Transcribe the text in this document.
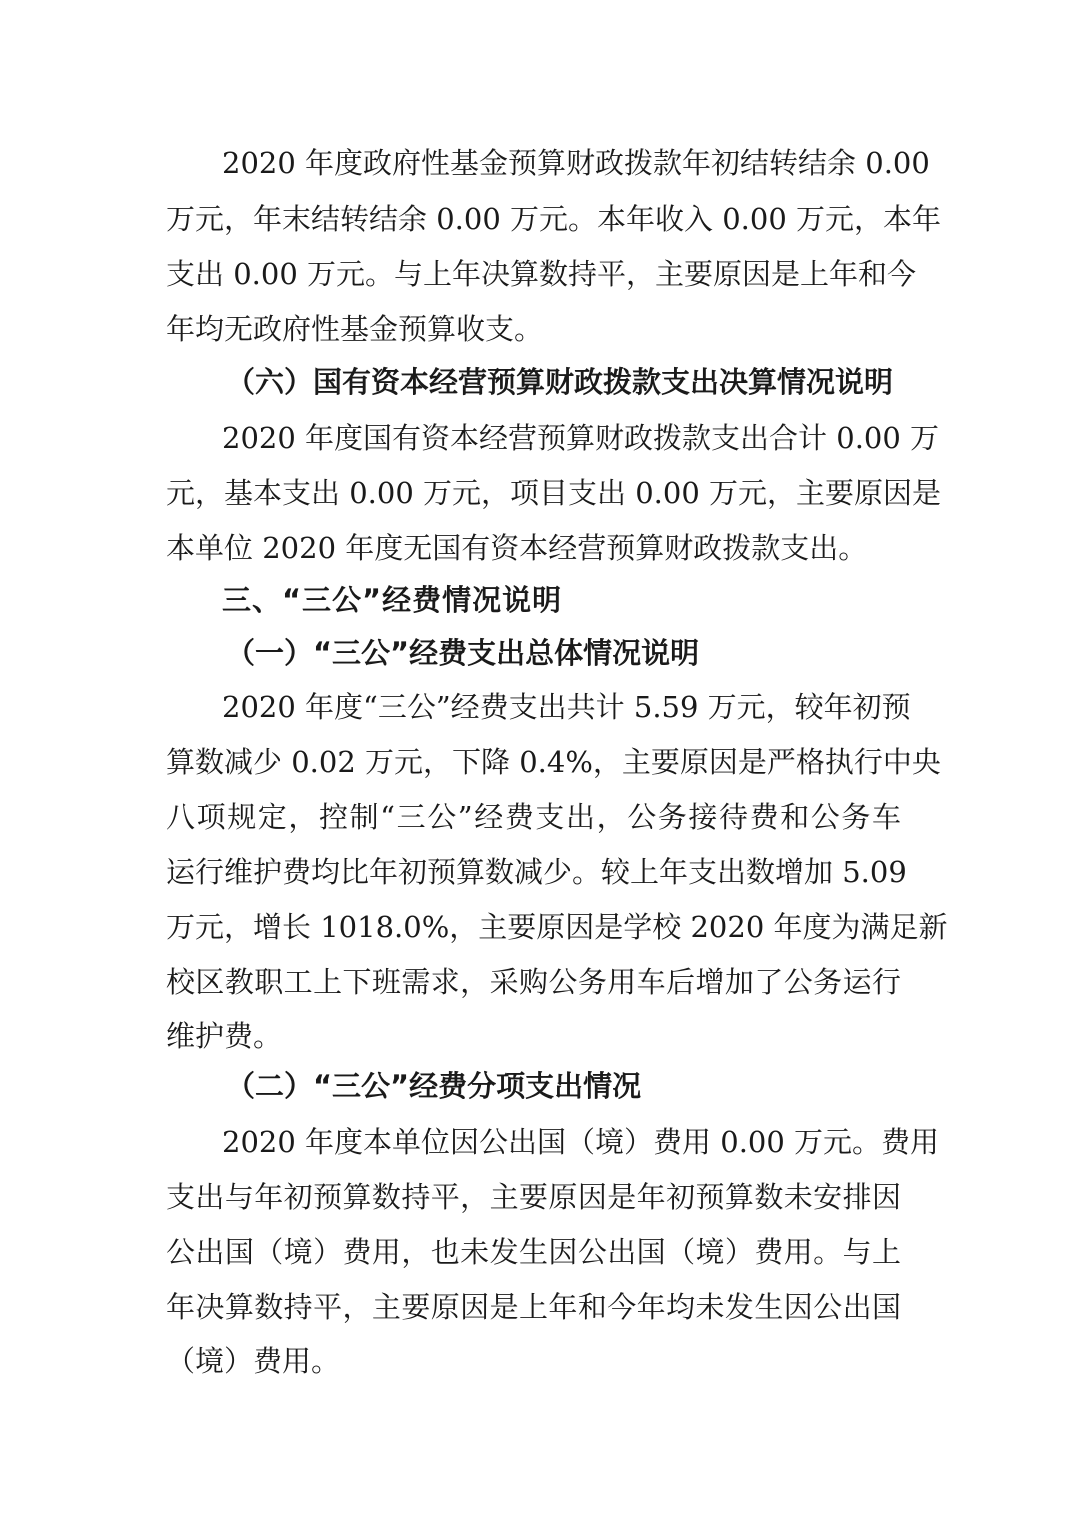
2020 年度政府性基金预算财政拨款年初结转结余 0.00
万元，年末结转结余 0.00 万元。本年收入 0.00 万元，本年
支出 0.00 万元。与上年决算数持平，主要原因是上年和今
年均无政府性基金预算收支。
（六）国有资本经营预算财政拨款支出决算情况说明
2020 年度国有资本经营预算财政拨款支出合计 0.00 万
元，基本支出 0.00 万元，项目支出 0.00 万元，主要原因是
本单位 2020 年度无国有资本经营预算财政拨款支出。
三、“三公”经费情况说明
（一）“三公”经费支出总体情况说明
2020 年度“三公”经费支出共计 5.59 万元，较年初预
算数减少 0.02 万元，下降 0.4%，主要原因是严格执行中央
八项规定，控制“三公”经费支出，公务接待费和公务车
运行维护费均比年初预算数减少。较上年支出数增加 5.09
万元，增长 1018.0%，主要原因是学校 2020 年度为满足新
校区教职工上下班需求，采购公务用车后增加了公务运行
维护费。
（二）“三公”经费分项支出情况
2020 年度本单位因公出国（境）费用 0.00 万元。费用
支出与年初预算数持平，主要原因是年初预算数未安排因
公出国（境）费用，也未发生因公出国（境）费用。与上
年决算数持平，主要原因是上年和今年均未发生因公出国
（境）费用。
